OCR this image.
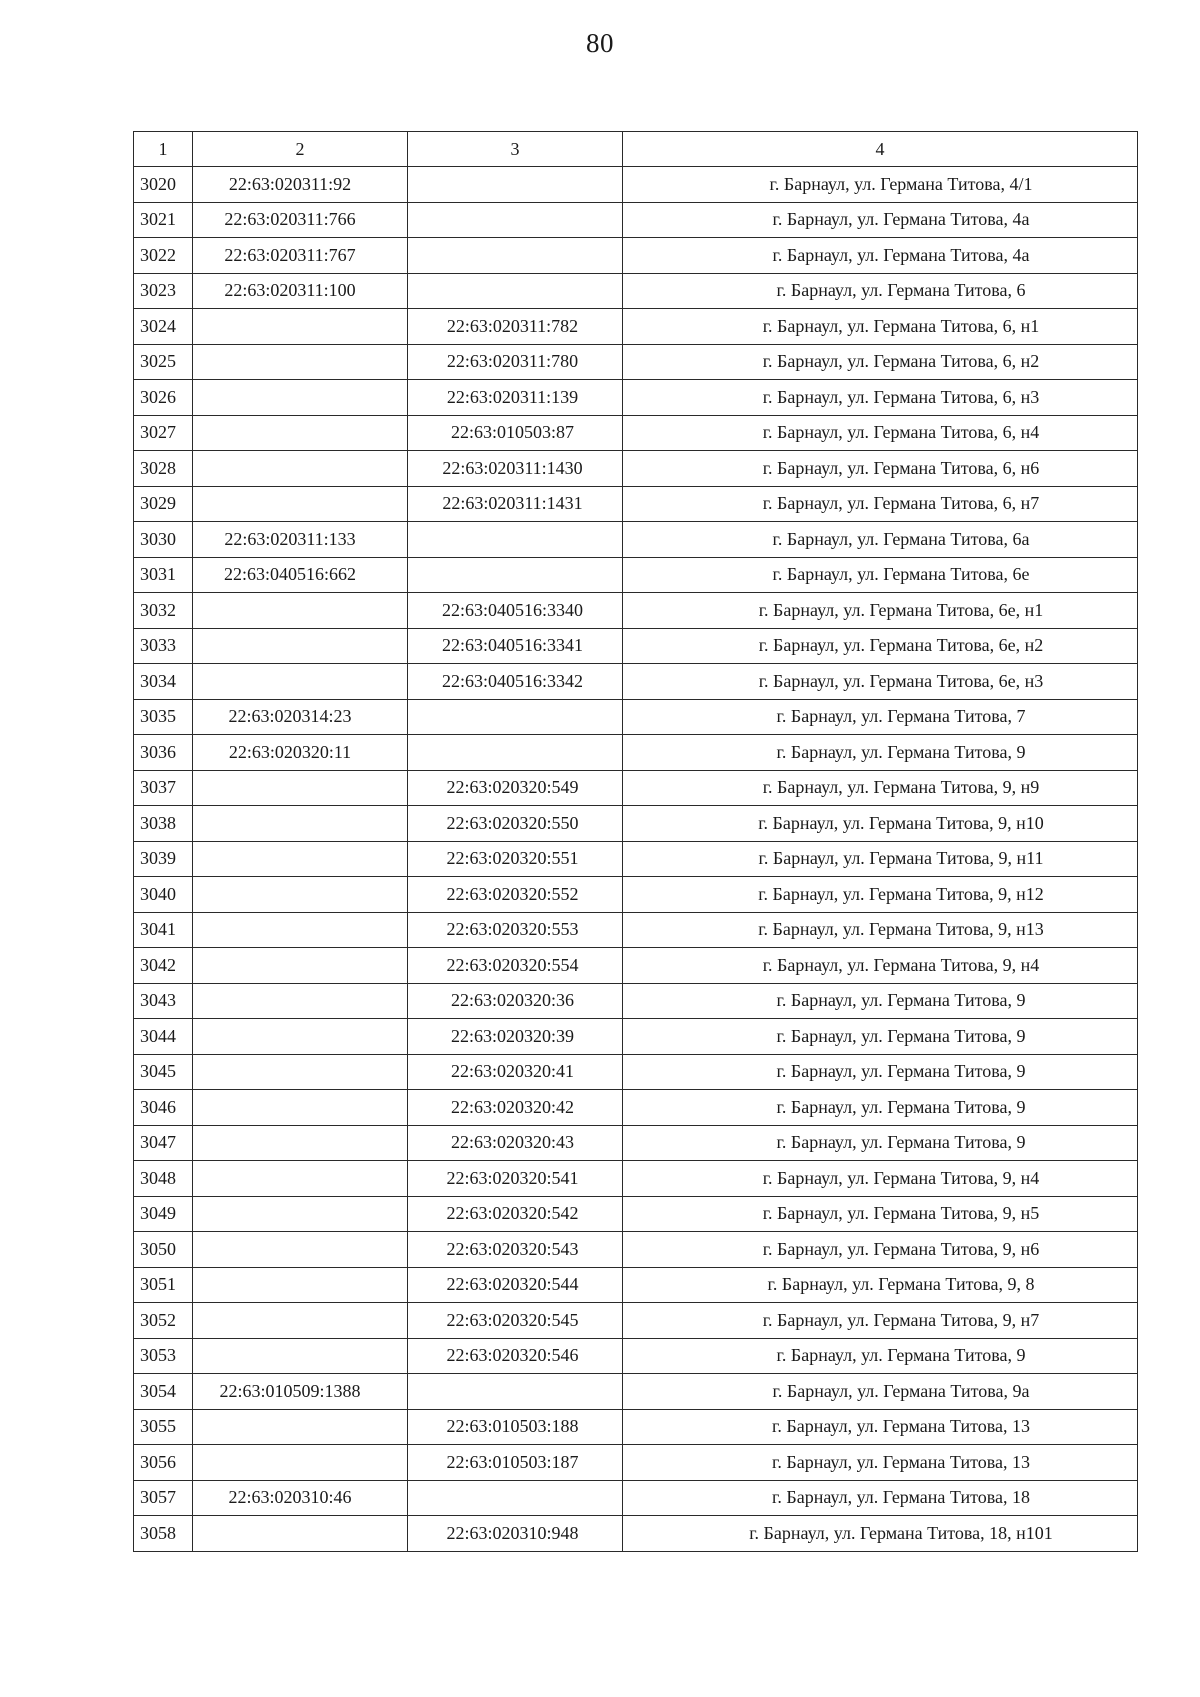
80
1	2	3	4
3020	22:63:020311:92		г. Барнаул, ул. Германа Титова, 4/1
3021	22:63:020311:766		г. Барнаул, ул. Германа Титова, 4а
3022	22:63:020311:767		г. Барнаул, ул. Германа Титова, 4а
3023	22:63:020311:100		г. Барнаул, ул. Германа Титова, 6
3024		22:63:020311:782	г. Барнаул, ул. Германа Титова, 6, н1
3025		22:63:020311:780	г. Барнаул, ул. Германа Титова, 6, н2
3026		22:63:020311:139	г. Барнаул, ул. Германа Титова, 6, н3
3027		22:63:010503:87	г. Барнаул, ул. Германа Титова, 6, н4
3028		22:63:020311:1430	г. Барнаул, ул. Германа Титова, 6, н6
3029		22:63:020311:1431	г. Барнаул, ул. Германа Титова, 6, н7
3030	22:63:020311:133		г. Барнаул, ул. Германа Титова, 6а
3031	22:63:040516:662		г. Барнаул, ул. Германа Титова, 6е
3032		22:63:040516:3340	г. Барнаул, ул. Германа Титова, 6е, н1
3033		22:63:040516:3341	г. Барнаул, ул. Германа Титова, 6е, н2
3034		22:63:040516:3342	г. Барнаул, ул. Германа Титова, 6е, н3
3035	22:63:020314:23		г. Барнаул, ул. Германа Титова, 7
3036	22:63:020320:11		г. Барнаул, ул. Германа Титова, 9
3037		22:63:020320:549	г. Барнаул, ул. Германа Титова, 9, н9
3038		22:63:020320:550	г. Барнаул, ул. Германа Титова, 9, н10
3039		22:63:020320:551	г. Барнаул, ул. Германа Титова, 9, н11
3040		22:63:020320:552	г. Барнаул, ул. Германа Титова, 9, н12
3041		22:63:020320:553	г. Барнаул, ул. Германа Титова, 9, н13
3042		22:63:020320:554	г. Барнаул, ул. Германа Титова, 9, н4
3043		22:63:020320:36	г. Барнаул, ул. Германа Титова, 9
3044		22:63:020320:39	г. Барнаул, ул. Германа Титова, 9
3045		22:63:020320:41	г. Барнаул, ул. Германа Титова, 9
3046		22:63:020320:42	г. Барнаул, ул. Германа Титова, 9
3047		22:63:020320:43	г. Барнаул, ул. Германа Титова, 9
3048		22:63:020320:541	г. Барнаул, ул. Германа Титова, 9, н4
3049		22:63:020320:542	г. Барнаул, ул. Германа Титова, 9, н5
3050		22:63:020320:543	г. Барнаул, ул. Германа Титова, 9, н6
3051		22:63:020320:544	г. Барнаул, ул. Германа Титова, 9, 8
3052		22:63:020320:545	г. Барнаул, ул. Германа Титова, 9, н7
3053		22:63:020320:546	г. Барнаул, ул. Германа Титова, 9
3054	22:63:010509:1388		г. Барнаул, ул. Германа Титова, 9а
3055		22:63:010503:188	г. Барнаул, ул. Германа Титова, 13
3056		22:63:010503:187	г. Барнаул, ул. Германа Титова, 13
3057	22:63:020310:46		г. Барнаул, ул. Германа Титова, 18
3058		22:63:020310:948	г. Барнаул, ул. Германа Титова, 18, н101
